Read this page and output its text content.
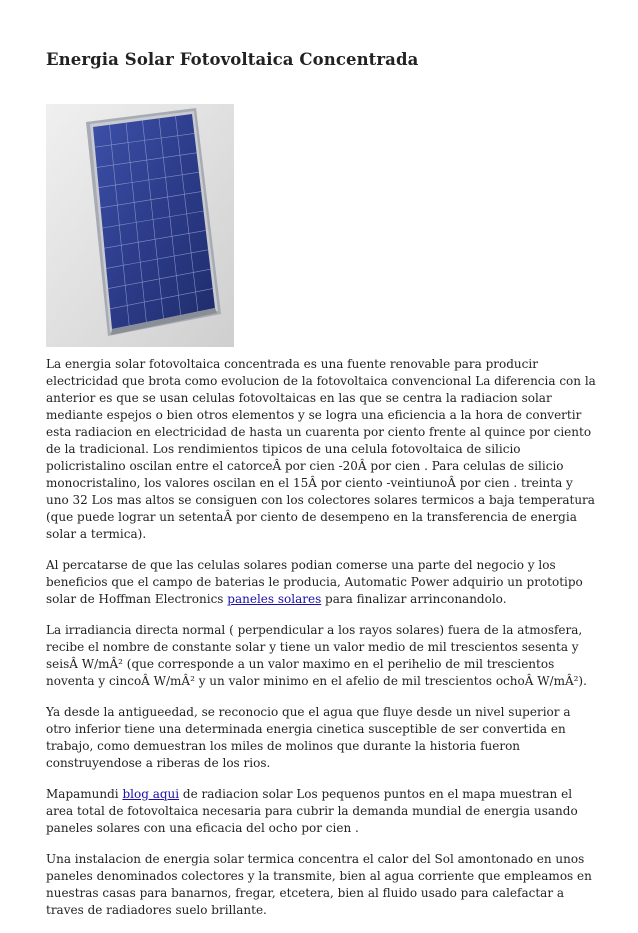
Energia Solar Fotovoltaica Concentrada

La energia solar fotovoltaica concentrada es una fuente renovable para producir electricidad que brota como evolucion de la fotovoltaica convencional La diferencia con la anterior es que se usan celulas fotovoltaicas en las que se centra la radiacion solar mediante espejos o bien otros elementos y se logra una eficiencia a la hora de convertir esta radiacion en electricidad de hasta un cuarenta por ciento frente al quince por ciento de la tradicional. Los rendimientos tipicos de una celula fotovoltaica de silicio policristalino oscilan entre el catorceÂ por cien -20Â por cien . Para celulas de silicio monocristalino, los valores oscilan en el 15Â por ciento -veintiunoÂ por cien . treinta y uno 32 Los mas altos se consiguen con los colectores solares termicos a baja temperatura (que puede lograr un setentaÂ por ciento de desempeno en la transferencia de energia solar a termica).

Al percatarse de que las celulas solares podian comerse una parte del negocio y los beneficios que el campo de baterias le producia, Automatic Power adquirio un prototipo solar de Hoffman Electronics paneles solares para finalizar arrinconandolo.

La irradiancia directa normal ( perpendicular a los rayos solares) fuera de la atmosfera, recibe el nombre de constante solar y tiene un valor medio de mil trescientos sesenta y seisÂ W/mÂ² (que corresponde a un valor maximo en el perihelio de mil trescientos noventa y cincoÂ W/mÂ² y un valor minimo en el afelio de mil trescientos ochoÂ W/mÂ²).

Ya desde la antigueedad, se reconocio que el agua que fluye desde un nivel superior a otro inferior tiene una determinada energia cinetica susceptible de ser convertida en trabajo, como demuestran los miles de molinos que durante la historia fueron construyendose a riberas de los rios.

Mapamundi blog aqui de radiacion solar Los pequenos puntos en el mapa muestran el area total de fotovoltaica necesaria para cubrir la demanda mundial de energia usando paneles solares con una eficacia del ocho por cien .

Una instalacion de energia solar termica concentra el calor del Sol amontonado en unos paneles denominados colectores y la transmite, bien al agua corriente que empleamos en nuestras casas para banarnos, fregar, etcetera, bien al fluido usado para calefactar a traves de radiadores suelo brillante.
